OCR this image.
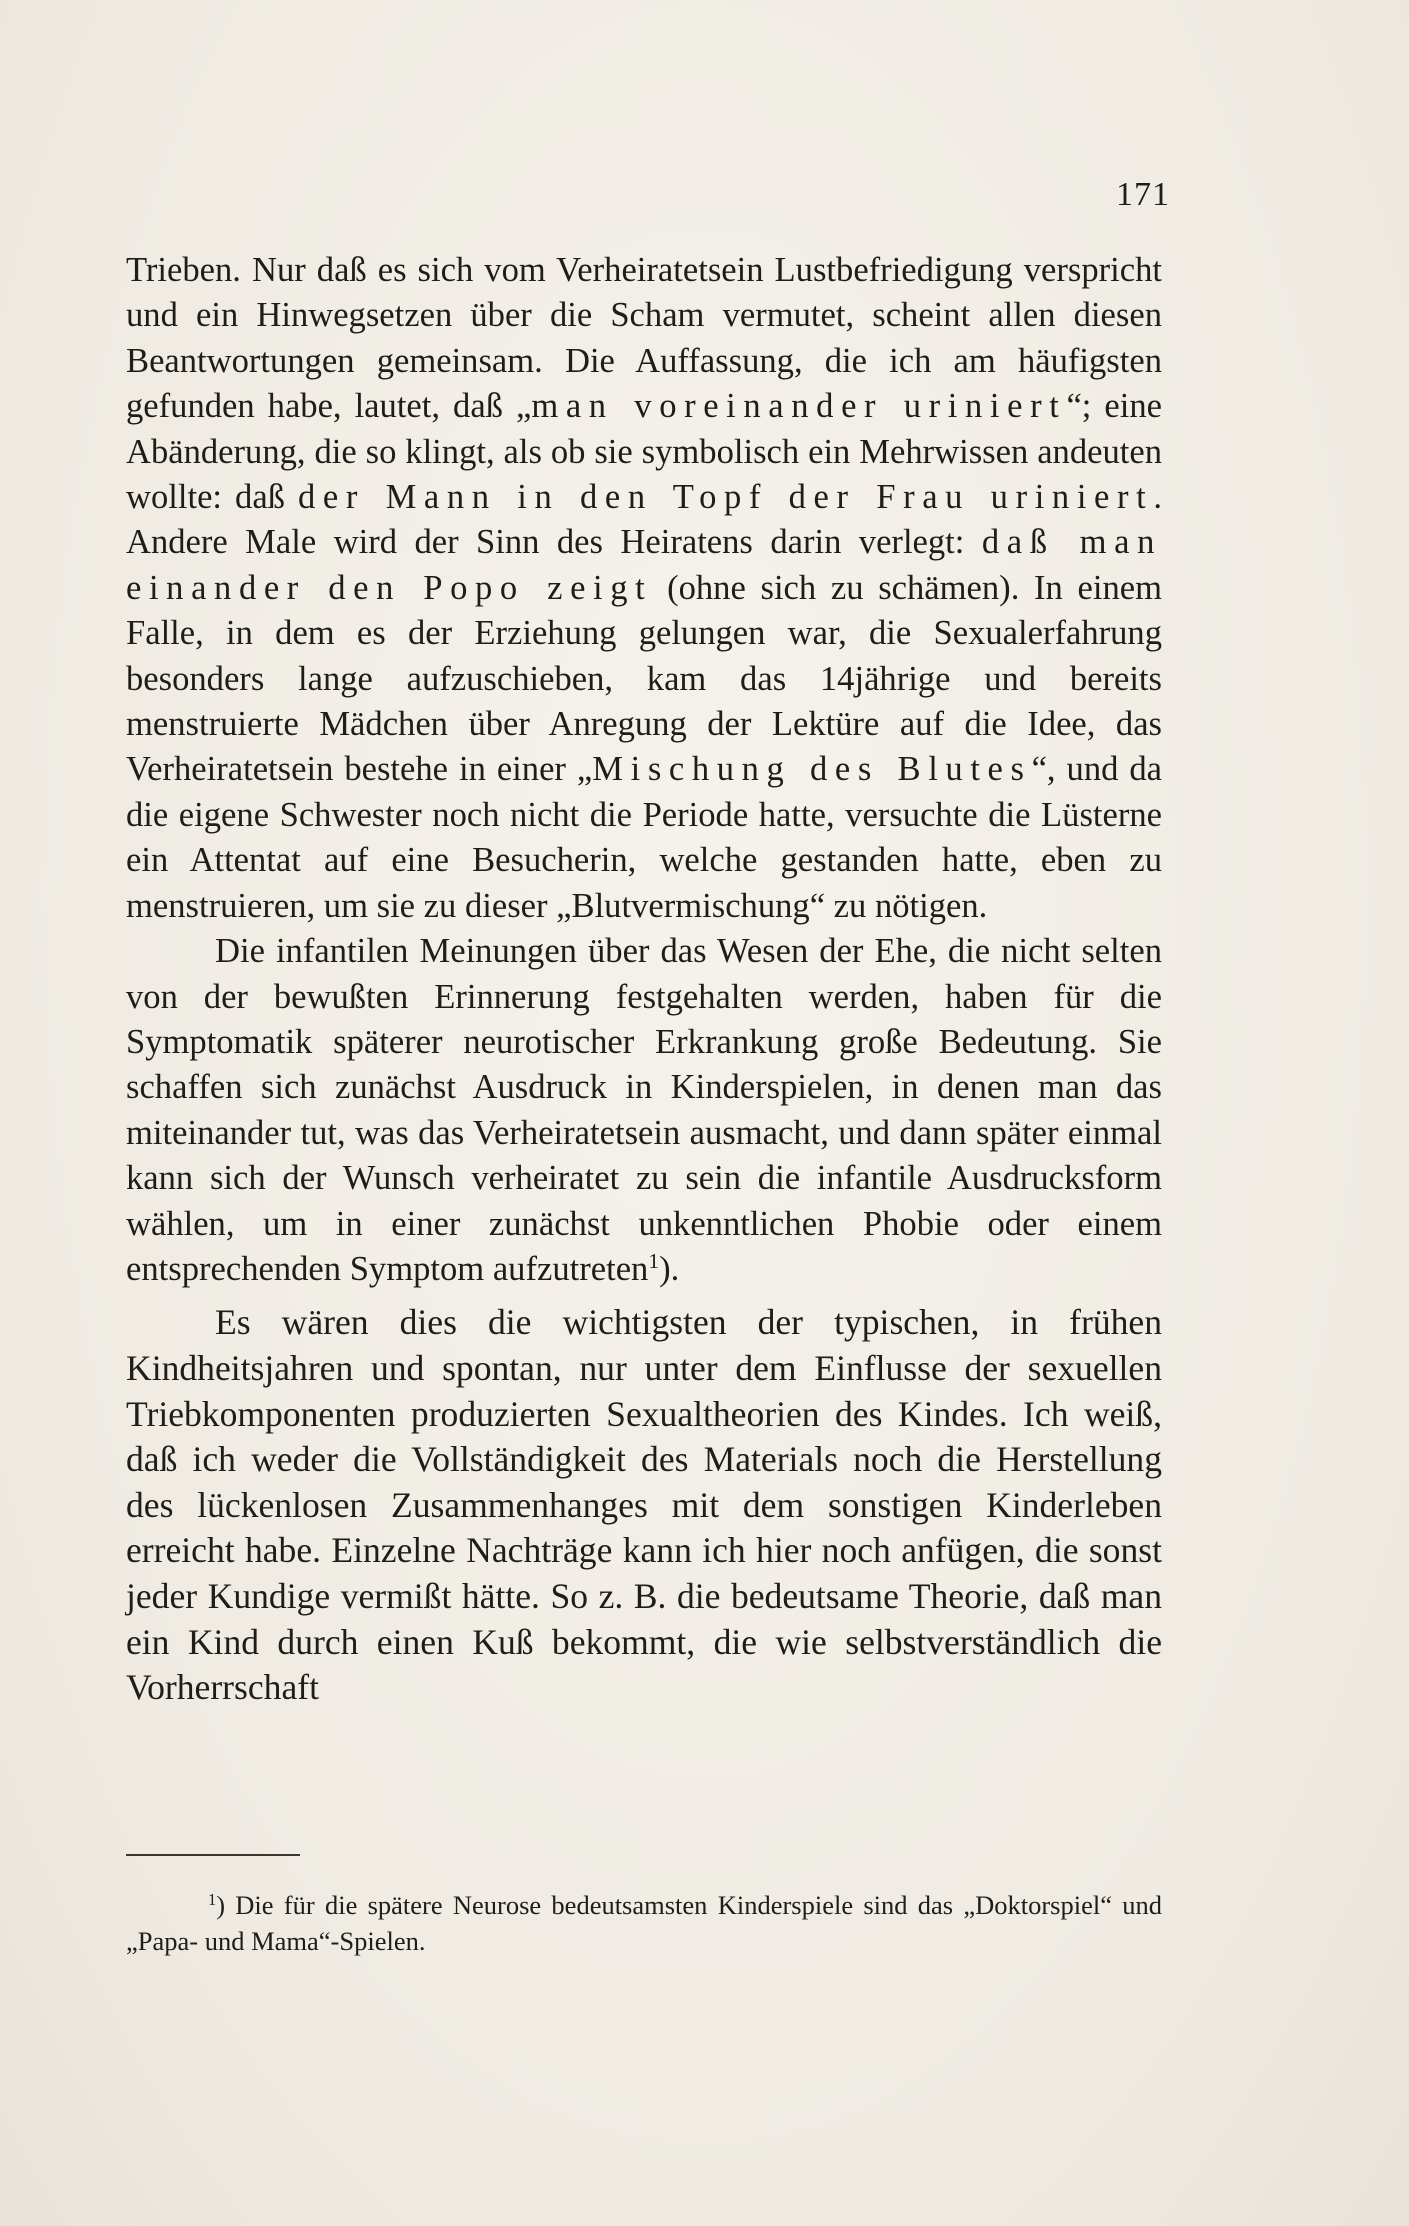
171

Trieben. Nur daß es sich vom Verheiratetsein Lustbefriedigung verspricht und ein Hinwegsetzen über die Scham vermutet, scheint allen diesen Beantwortungen gemeinsam. Die Auffassung, die ich am häufigsten gefunden habe, lautet, daß „man voreinander uriniert“; eine Abänderung, die so klingt, als ob sie symbolisch ein Mehrwissen andeuten wollte: daß der Mann in den Topf der Frau uriniert. Andere Male wird der Sinn des Heiratens darin verlegt: daß man einander den Popo zeigt (ohne sich zu schämen). In einem Falle, in dem es der Erziehung gelungen war, die Sexualerfahrung besonders lange aufzuschieben, kam das 14jährige und bereits menstruierte Mädchen über Anregung der Lektüre auf die Idee, das Verheiratetsein bestehe in einer „Mischung des Blutes“, und da die eigene Schwester noch nicht die Periode hatte, versuchte die Lüsterne ein Attentat auf eine Besucherin, welche gestanden hatte, eben zu menstruieren, um sie zu dieser „Blutvermischung“ zu nötigen.

Die infantilen Meinungen über das Wesen der Ehe, die nicht selten von der bewußten Erinnerung festgehalten werden, haben für die Symptomatik späterer neurotischer Erkrankung große Bedeutung. Sie schaffen sich zunächst Ausdruck in Kinderspielen, in denen man das miteinander tut, was das Verheiratetsein ausmacht, und dann später einmal kann sich der Wunsch verheiratet zu sein die infantile Ausdrucksform wählen, um in einer zunächst unkenntlichen Phobie oder einem entsprechenden Symptom aufzutreten$^1$).

Es wären dies die wichtigsten der typischen, in frühen Kindheitsjahren und spontan, nur unter dem Einflusse der sexuellen Triebkomponenten produzierten Sexualtheorien des Kindes. Ich weiß, daß ich weder die Vollständigkeit des Materials noch die Herstellung des lückenlosen Zusammenhanges mit dem sonstigen Kinderleben erreicht habe. Einzelne Nachträge kann ich hier noch anfügen, die sonst jeder Kundige vermißt hätte. So z. B. die bedeutsame Theorie, daß man ein Kind durch einen Kuß bekommt, die wie selbstverständlich die Vorherrschaft

$^1$) Die für die spätere Neurose bedeutsamsten Kinderspiele sind das „Doktorspiel“ und „Papa- und Mama“-Spielen.
